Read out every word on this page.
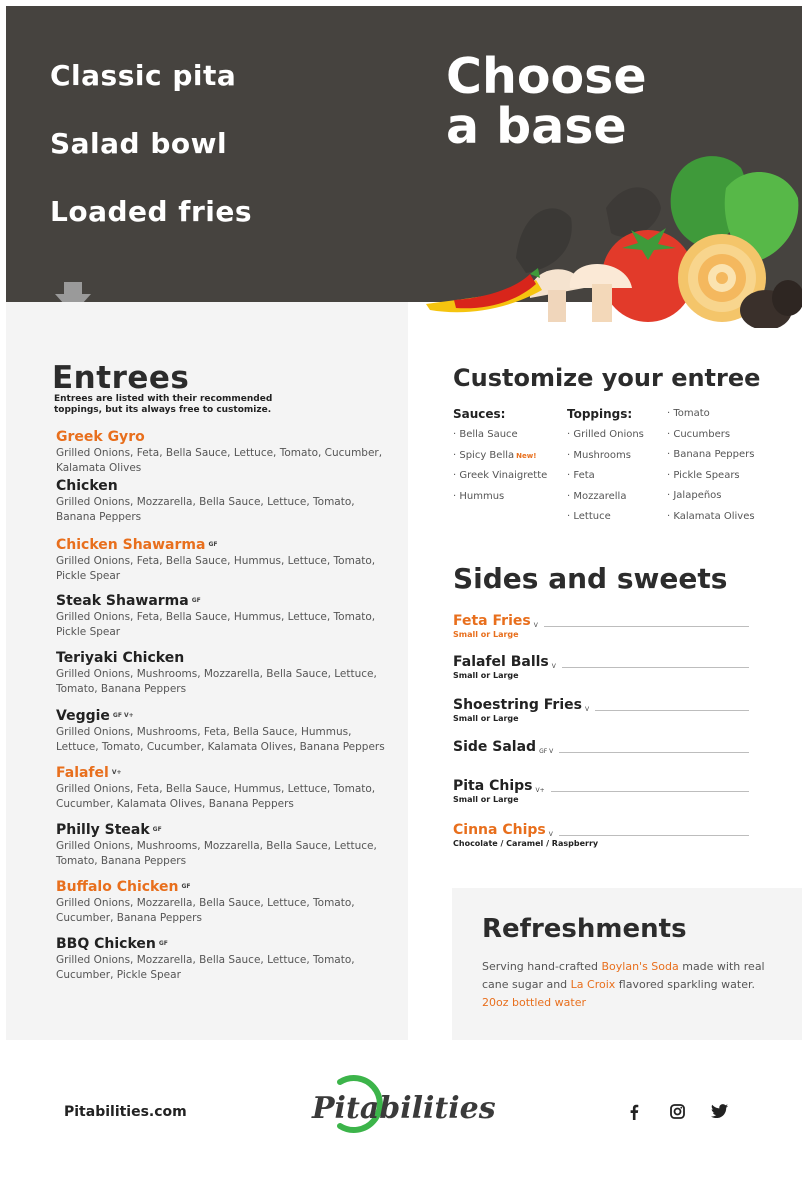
Classic pita
Salad bowl
Loaded fries
Choose
a base
Entrees
Entrees are listed with their recommended toppings, but its always free to customize.
Greek Gyro
Grilled Onions, Feta, Bella Sauce, Lettuce, Tomato, Cucumber, Kalamata Olives
Chicken
Grilled Onions, Mozzarella, Bella Sauce, Lettuce, Tomato, Banana Peppers
Chicken Shawarma $^{GF}$
Grilled Onions, Feta, Bella Sauce, Hummus, Lettuce, Tomato, Pickle Spear
Steak Shawarma $^{GF}$
Grilled Onions, Feta, Bella Sauce, Hummus, Lettuce, Tomato, Pickle Spear
Teriyaki Chicken
Grilled Onions, Mushrooms, Mozzarella, Bella Sauce, Lettuce, Tomato, Banana Peppers
Veggie $^{GF V+}$
Grilled Onions, Mushrooms, Feta, Bella Sauce, Hummus, Lettuce, Tomato, Cucumber, Kalamata Olives, Banana Peppers
Falafel $^{V+}$
Grilled Onions, Feta, Bella Sauce, Hummus, Lettuce, Tomato, Cucumber, Kalamata Olives, Banana Peppers
Philly Steak $^{GF}$
Grilled Onions, Mushrooms, Mozzarella, Bella Sauce, Lettuce, Tomato, Banana Peppers
Buffalo Chicken $^{GF}$
Grilled Onions, Mozzarella, Bella Sauce, Lettuce, Tomato, Cucumber, Banana Peppers
BBQ Chicken $^{GF}$
Grilled Onions, Mozzarella, Bella Sauce, Lettuce, Tomato, Cucumber, Pickle Spear
Customize your entree
Sauces:
· Bella Sauce
· Spicy Bella $^{New!}$
· Greek Vinaigrette
· Hummus
Toppings:
· Grilled Onions
· Mushrooms
· Feta
· Mozzarella
· Lettuce
· Tomato
· Cucumbers
· Banana Peppers
· Pickle Spears
· Jalapeños
· Kalamata Olives
Sides and sweets
Feta Fries V
Small or Large
Falafel Balls V
Small or Large
Shoestring Fries V
Small or Large
Side Salad GF V
Pita Chips V+
Small or Large
Cinna Chips V
Chocolate / Caramel / Raspberry
Refreshments
Serving hand-crafted Boylan's Soda made with real cane sugar and La Croix flavored sparkling water. 20oz bottled water
Pitabilities.com	Pitabilities
